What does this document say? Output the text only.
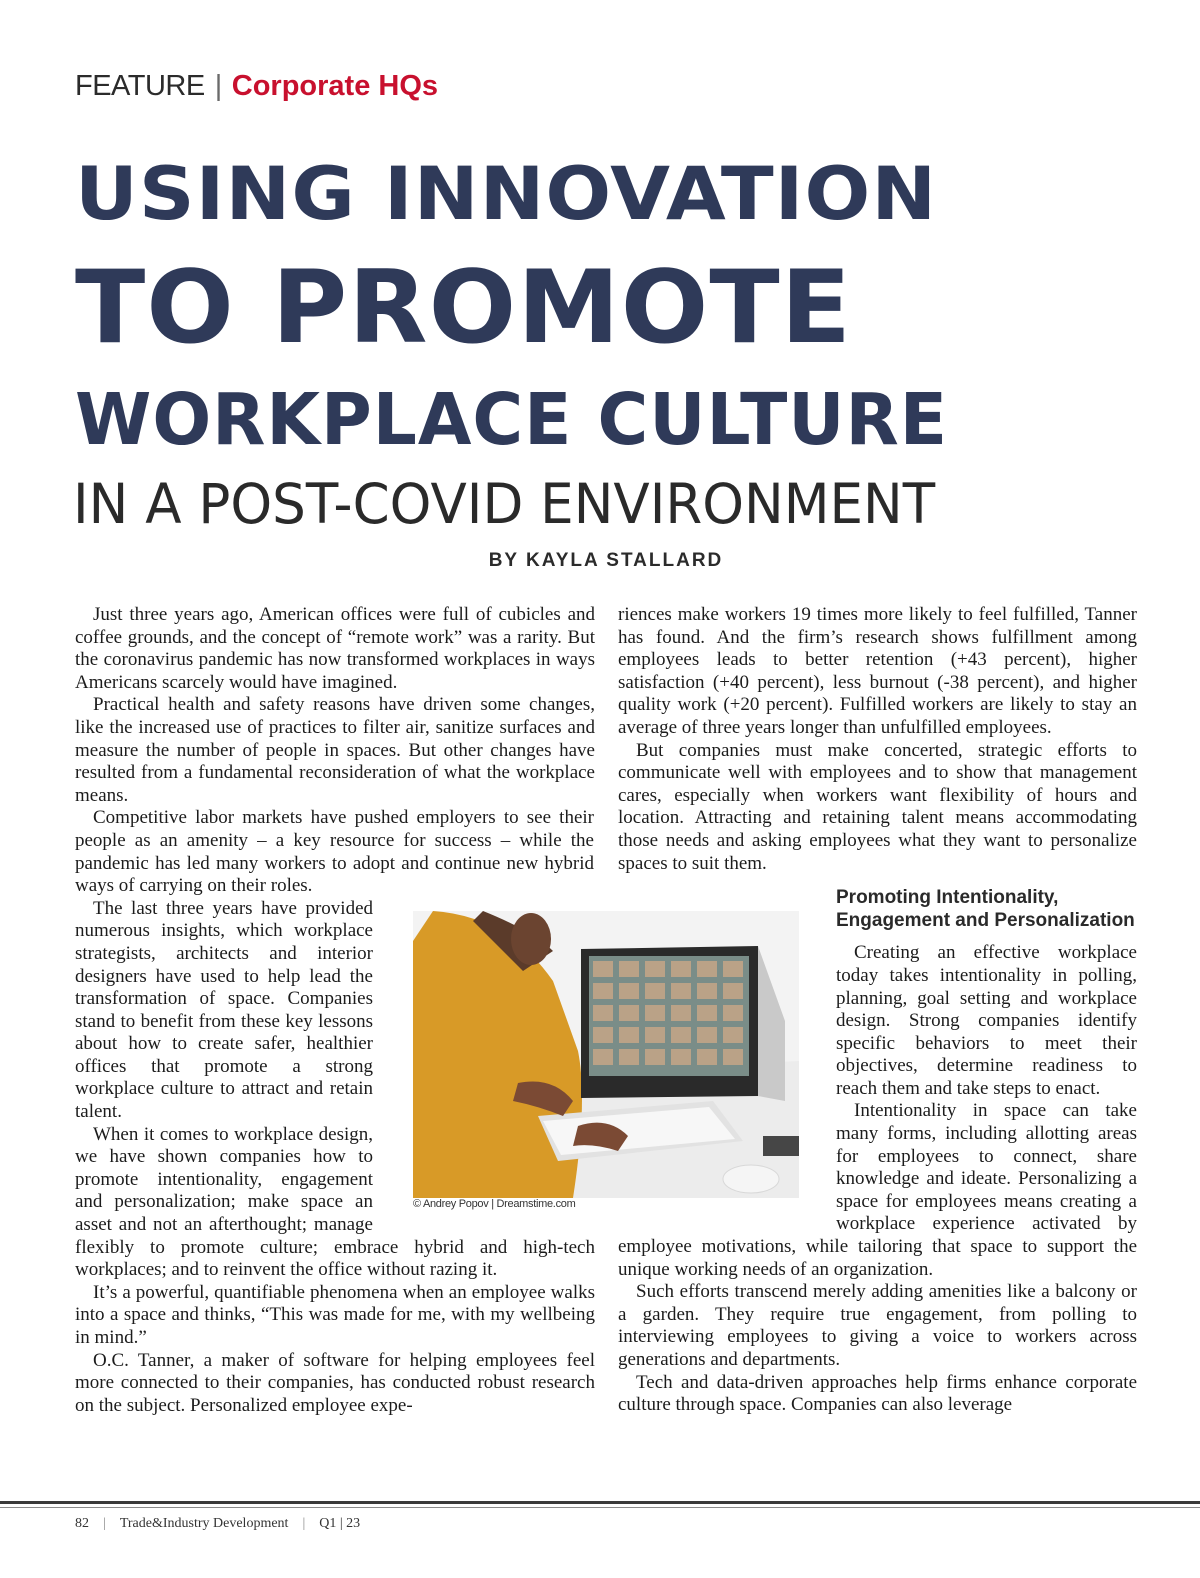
FEATURE | Corporate HQs
USING INNOVATION
TO PROMOTE
WORKPLACE CULTURE
IN A POST-COVID ENVIRONMENT
BY KAYLA STALLARD

Just three years ago, American offices were full of cubicles and coffee grounds, and the concept of “remote work” was a rarity. But the coronavirus pandemic has now transformed workplaces in ways Americans scarcely would have imagined.

Practical health and safety reasons have driven some changes, like the increased use of practices to filter air, sanitize surfaces and measure the number of people in spaces. But other changes have resulted from a fundamental reconsideration of what the workplace means.

Competitive labor markets have pushed employers to see their people as an amenity – a key resource for success – while the pandemic has led many workers to adopt and continue new hybrid ways of carrying on their roles.

The last three years have provided numerous insights, which workplace strategists, architects and interior designers have used to help lead the transformation of space. Companies stand to benefit from these key lessons about how to create safer, healthier offices that promote a strong workplace culture to attract and retain talent.

When it comes to workplace design, we have shown companies how to promote intentionality, engagement and personalization; make space an asset and not an afterthought; manage flexibly to promote culture; embrace hybrid and high-tech workplaces; and to reinvent the office without razing it.

It’s a powerful, quantifiable phenomena when an employee walks into a space and thinks, “This was made for me, with my wellbeing in mind.”

O.C. Tanner, a maker of software for helping employees feel more connected to their companies, has conducted robust research on the subject. Personalized employee expe-

riences make workers 19 times more likely to feel fulfilled, Tanner has found. And the firm’s research shows fulfillment among employees leads to better retention (+43 percent), higher satisfaction (+40 percent), less burnout (-38 percent), and higher quality work (+20 percent). Fulfilled workers are likely to stay an average of three years longer than unfulfilled employees.

But companies must make concerted, strategic efforts to communicate well with employees and to show that management cares, especially when workers want flexibility of hours and location. Attracting and retaining talent means accommodating those needs and asking employees what they want to personalize spaces to suit them.

Promoting Intentionality, Engagement and Personalization

Creating an effective workplace today takes intentionality in polling, planning, goal setting and workplace design. Strong companies identify specific behaviors to meet their objectives, determine readiness to reach them and take steps to enact.

Intentionality in space can take many forms, including allotting areas for employees to connect, share knowledge and ideate. Personalizing a space for employees means creating a workplace experience activated by employee motivations, while tailoring that space to support the unique working needs of an organization.

Such efforts transcend merely adding amenities like a balcony or a garden. They require true engagement, from polling to interviewing employees to giving a voice to workers across generations and departments.

Tech and data-driven approaches help firms enhance corporate culture through space. Companies can also leverage

© Andrey Popov | Dreamstime.com
82 | Trade&Industry Development | Q1 | 23
